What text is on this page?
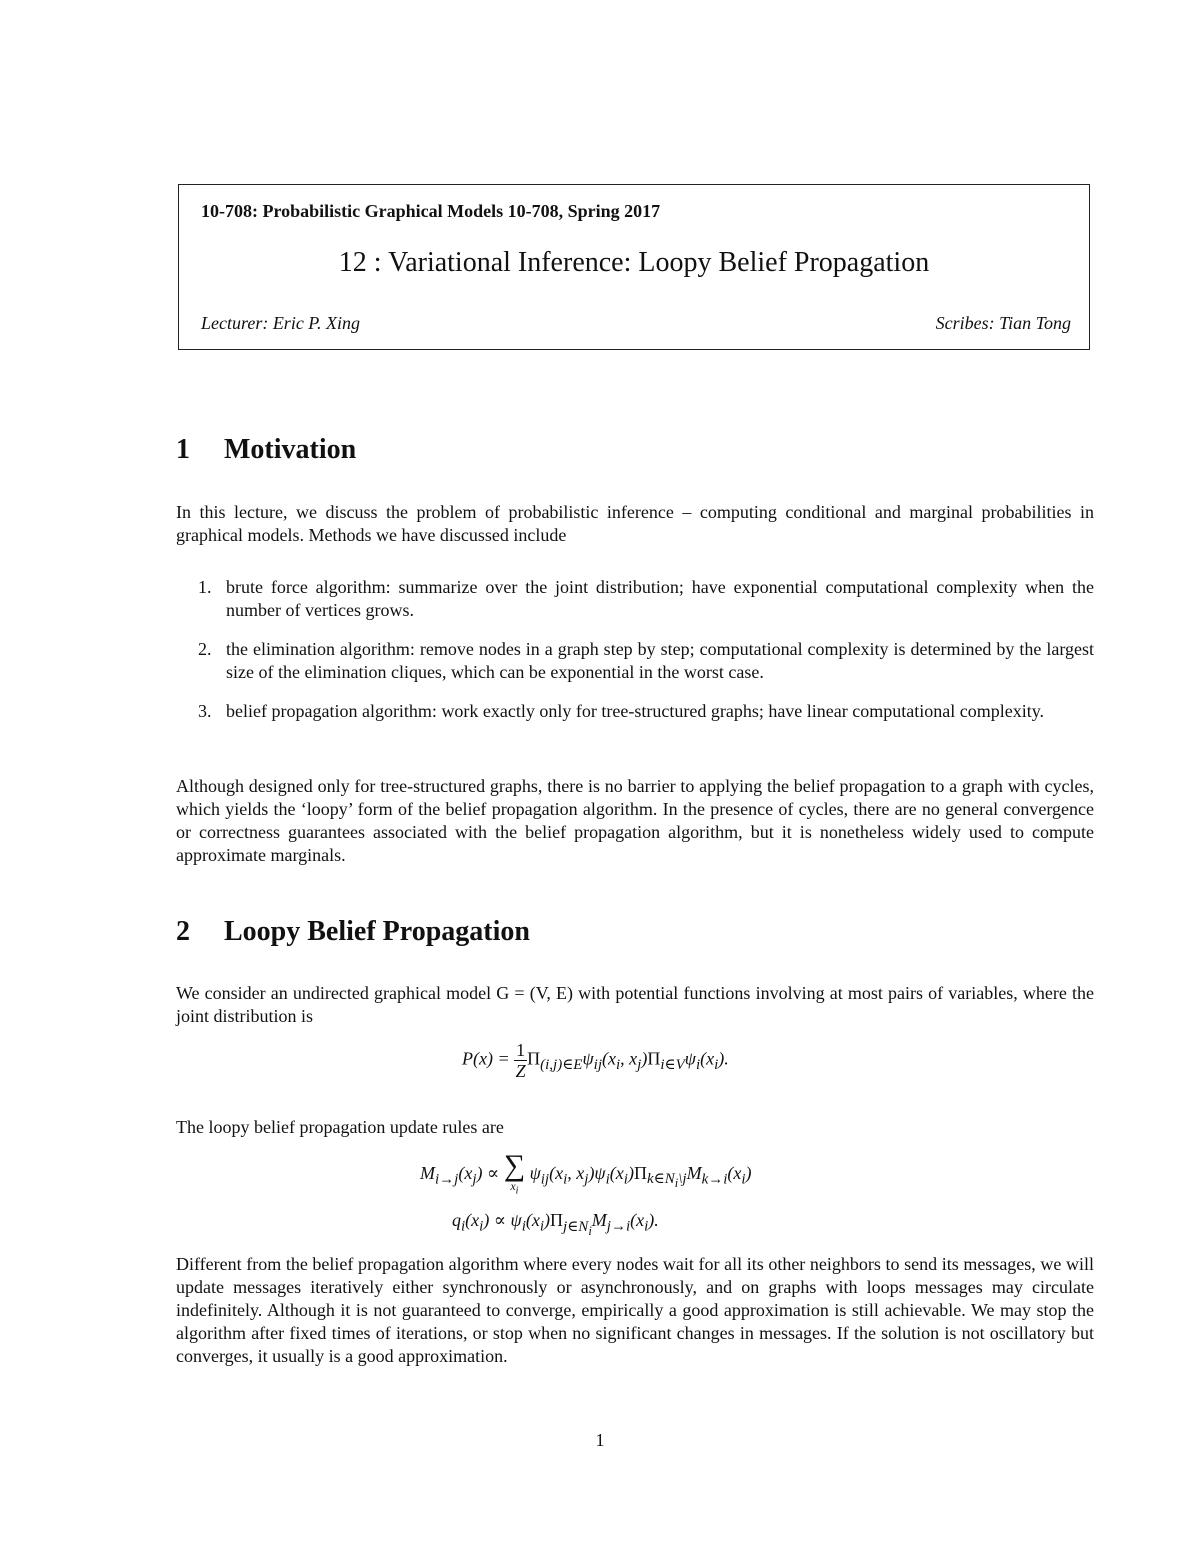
10-708: Probabilistic Graphical Models 10-708, Spring 2017
12 : Variational Inference: Loopy Belief Propagation
Lecturer: Eric P. Xing	Scribes: Tian Tong
1 Motivation
In this lecture, we discuss the problem of probabilistic inference – computing conditional and marginal probabilities in graphical models. Methods we have discussed include
1. brute force algorithm: summarize over the joint distribution; have exponential computational complexity when the number of vertices grows.
2. the elimination algorithm: remove nodes in a graph step by step; computational complexity is determined by the largest size of the elimination cliques, which can be exponential in the worst case.
3. belief propagation algorithm: work exactly only for tree-structured graphs; have linear computational complexity.
Although designed only for tree-structured graphs, there is no barrier to applying the belief propagation to a graph with cycles, which yields the ‘loopy’ form of the belief propagation algorithm. In the presence of cycles, there are no general convergence or correctness guarantees associated with the belief propagation algorithm, but it is nonetheless widely used to compute approximate marginals.
2 Loopy Belief Propagation
We consider an undirected graphical model G = (V, E) with potential functions involving at most pairs of variables, where the joint distribution is
$P(x) = \frac{1}{Z} \Pi_{(i,j)\in E}\psi_{ij}(x_i$, $x_j)\Pi_{i\in V}\psi_i(x_i)$.
The loopy belief propagation update rules are
$M_{i\to j}(x_j)$ ∝ ∑
$x_i$
$\psi_{ij}(x_i$, $x_j)\psi_i(x_i)\Pi_{k\in N_i\backslash j}M_{k\to i}(x_i)$
$q_i(x_i) \propto \psi_i(x_i)\Pi_{j\in N_i}M_{j\to i}(x_i)$.
Different from the belief propagation algorithm where every nodes wait for all its other neighbors to send its messages, we will update messages iteratively either synchronously or asynchronously, and on graphs with loops messages may circulate indefinitely. Although it is not guaranteed to converge, empirically a good approximation is still achievable. We may stop the algorithm after fixed times of iterations, or stop when no significant changes in messages. If the solution is not oscillatory but converges, it usually is a good approximation.
1
